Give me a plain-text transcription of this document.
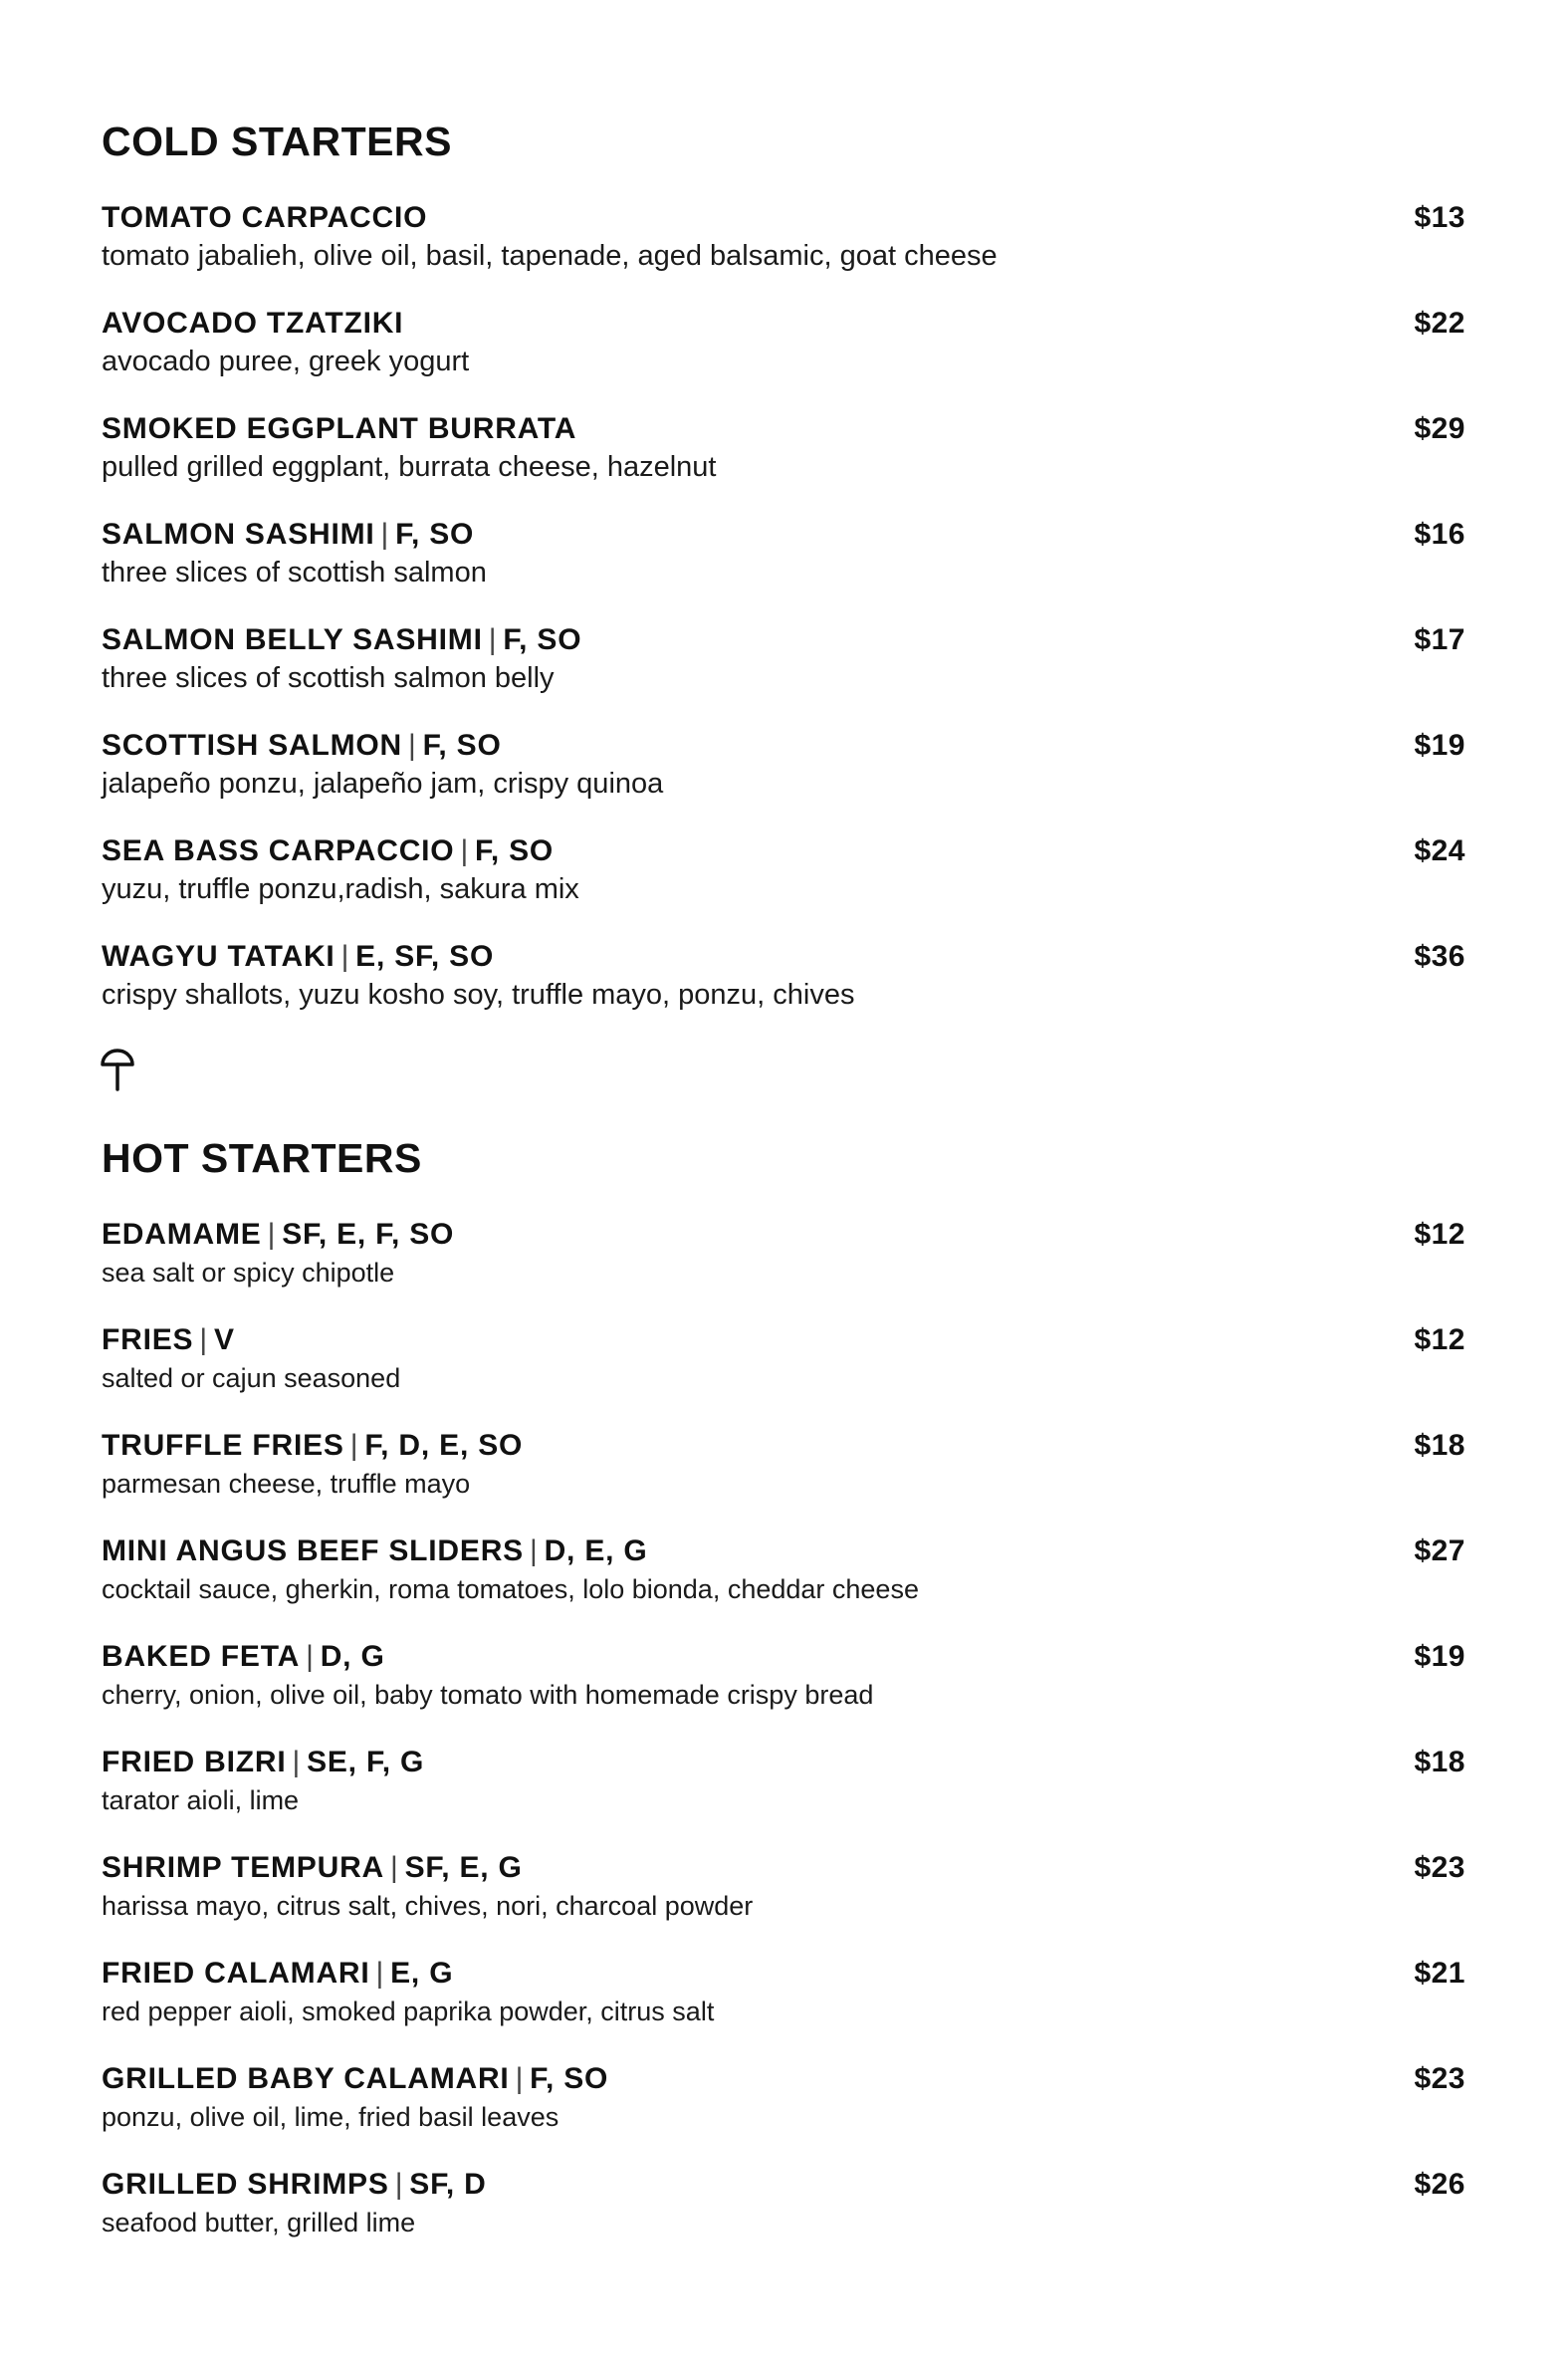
COLD STARTERS
TOMATO CARPACCIO	$13
tomato jabalieh, olive oil, basil, tapenade, aged balsamic, goat cheese
AVOCADO TZATZIKI	$22
avocado puree, greek yogurt
SMOKED EGGPLANT BURRATA	$29
pulled grilled eggplant, burrata cheese, hazelnut
SALMON SASHIMI | F, SO	$16
three slices of scottish salmon
SALMON BELLY SASHIMI | F, SO	$17
three slices of scottish salmon belly
SCOTTISH SALMON | F, SO	$19
jalapeño ponzu, jalapeño jam, crispy quinoa
SEA BASS CARPACCIO | F, SO	$24
yuzu, truffle ponzu,radish, sakura mix
WAGYU TATAKI | E, SF, SO	$36
crispy shallots, yuzu kosho soy, truffle mayo, ponzu, chives
HOT STARTERS
EDAMAME | SF, E, F, SO	$12
sea salt or spicy chipotle
FRIES | V	$12
salted or cajun seasoned
TRUFFLE FRIES | F, D, E, SO	$18
parmesan cheese, truffle mayo
MINI ANGUS BEEF SLIDERS | D, E, G	$27
cocktail sauce, gherkin, roma tomatoes, lolo bionda, cheddar cheese
BAKED FETA | D, G	$19
cherry, onion, olive oil, baby tomato with homemade crispy bread
FRIED BIZRI | SE, F, G	$18
tarator aioli, lime
SHRIMP TEMPURA | SF, E, G	$23
harissa mayo, citrus salt, chives, nori, charcoal powder
FRIED CALAMARI | E, G	$21
red pepper aioli, smoked paprika powder, citrus salt
GRILLED BABY CALAMARI | F, SO	$23
ponzu, olive oil, lime, fried basil leaves
GRILLED SHRIMPS | SF, D	$26
seafood butter, grilled lime
